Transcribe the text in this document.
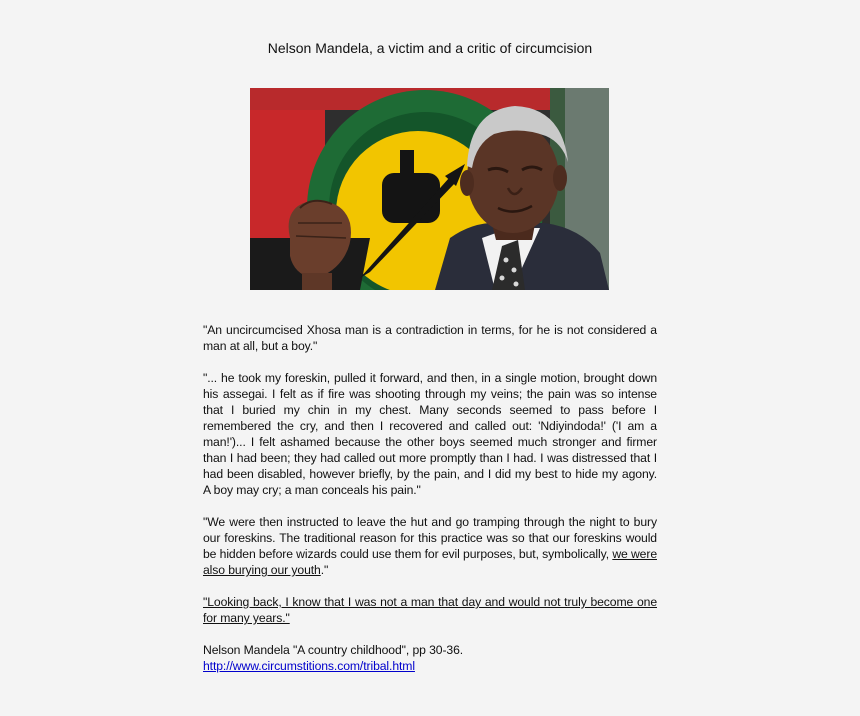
Nelson Mandela, a victim and a critic of circumcision

"An uncircumcised Xhosa man is a contradiction in terms, for he is not considered a man at all, but a boy."

"... he took my foreskin, pulled it forward, and then, in a single motion, brought down his assegai. I felt as if fire was shooting through my veins; the pain was so intense that I buried my chin in my chest. Many seconds seemed to pass before I remembered the cry, and then I recovered and called out: 'Ndiyindoda!' ('I am a man!')... I felt ashamed because the other boys seemed much stronger and firmer than I had been; they had called out more promptly than I had. I was distressed that I had been disabled, however briefly, by the pain, and I did my best to hide my agony. A boy may cry; a man conceals his pain."

"We were then instructed to leave the hut and go tramping through the night to bury our foreskins. The traditional reason for this practice was so that our foreskins would be hidden before wizards could use them for evil purposes, but, symbolically, we were also burying our youth."

"Looking back, I know that I was not a man that day and would not truly become one for many years."

Nelson Mandela "A country childhood", pp 30-36.
http://www.circumstitions.com/tribal.html
